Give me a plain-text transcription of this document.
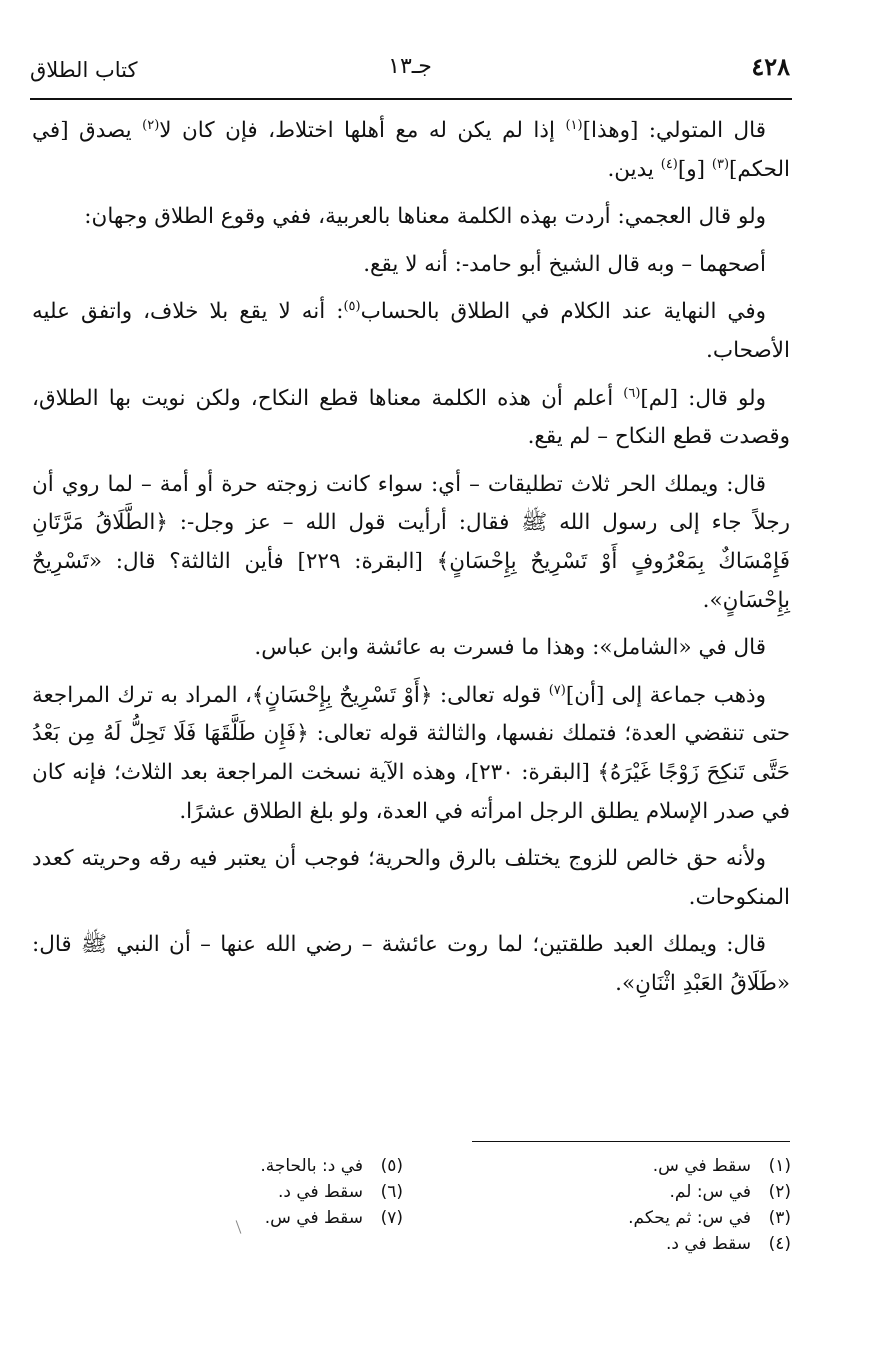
٤٢٨
جـ١٣
كتاب الطلاق

قال المتولي: [وهذا]$^{(١)}$ إذا لم يكن له مع أهلها اختلاط، فإن كان لا$^{(٢)}$ يصدق [في الحكم]$^{(٣)}$ [و]$^{(٤)}$ يدين.

ولو قال العجمي: أردت بهذه الكلمة معناها بالعربية، ففي وقوع الطلاق وجهان:

أصحهما – وبه قال الشيخ أبو حامد-: أنه لا يقع.

وفي النهاية عند الكلام في الطلاق بالحساب$^{(٥)}$: أنه لا يقع بلا خلاف، واتفق عليه الأصحاب.

ولو قال: [لم]$^{(٦)}$ أعلم أن هذه الكلمة معناها قطع النكاح، ولكن نويت بها الطلاق، وقصدت قطع النكاح – لم يقع.

قال: ويملك الحر ثلاث تطليقات – أي: سواء كانت زوجته حرة أو أمة – لما روي أن رجلاً جاء إلى رسول الله ﷺ فقال: أرأيت قول الله – عز وجل-: ﴿الطَّلَاقُ مَرَّتَانِ فَإِمْسَاكٌ بِمَعْرُوفٍ أَوْ تَسْرِيحٌ بِإِحْسَانٍ﴾ [البقرة: ٢٢٩] فأين الثالثة؟ قال: «تَسْرِيحٌ بِإِحْسَانٍ».

قال في «الشامل»: وهذا ما فسرت به عائشة وابن عباس.

وذهب جماعة إلى [أن]$^{(٧)}$ قوله تعالى: ﴿أَوْ تَسْرِيحٌ بِإِحْسَانٍ﴾، المراد به ترك المراجعة حتى تنقضي العدة؛ فتملك نفسها، والثالثة قوله تعالى: ﴿فَإِن طَلَّقَهَا فَلَا تَحِلُّ لَهُ مِن بَعْدُ حَتَّى تَنكِحَ زَوْجًا غَيْرَهُ﴾ [البقرة: ٢٣٠]، وهذه الآية نسخت المراجعة بعد الثلاث؛ فإنه كان في صدر الإسلام يطلق الرجل امرأته في العدة، ولو بلغ الطلاق عشرًا.

ولأنه حق خالص للزوج يختلف بالرق والحرية؛ فوجب أن يعتبر فيه رقه وحريته كعدد المنكوحات.

قال: ويملك العبد طلقتين؛ لما روت عائشة – رضي الله عنها – أن النبي ﷺ قال: «طَلَاقُ العَبْدِ اثْنَانِ».

(١)سقط في س.
(٢)في س: لم.
(٣)في س: ثم يحكم.
(٤)سقط في د.
(٥)في د: بالحاجة.
(٦)سقط في د.
(٧)سقط في س.
